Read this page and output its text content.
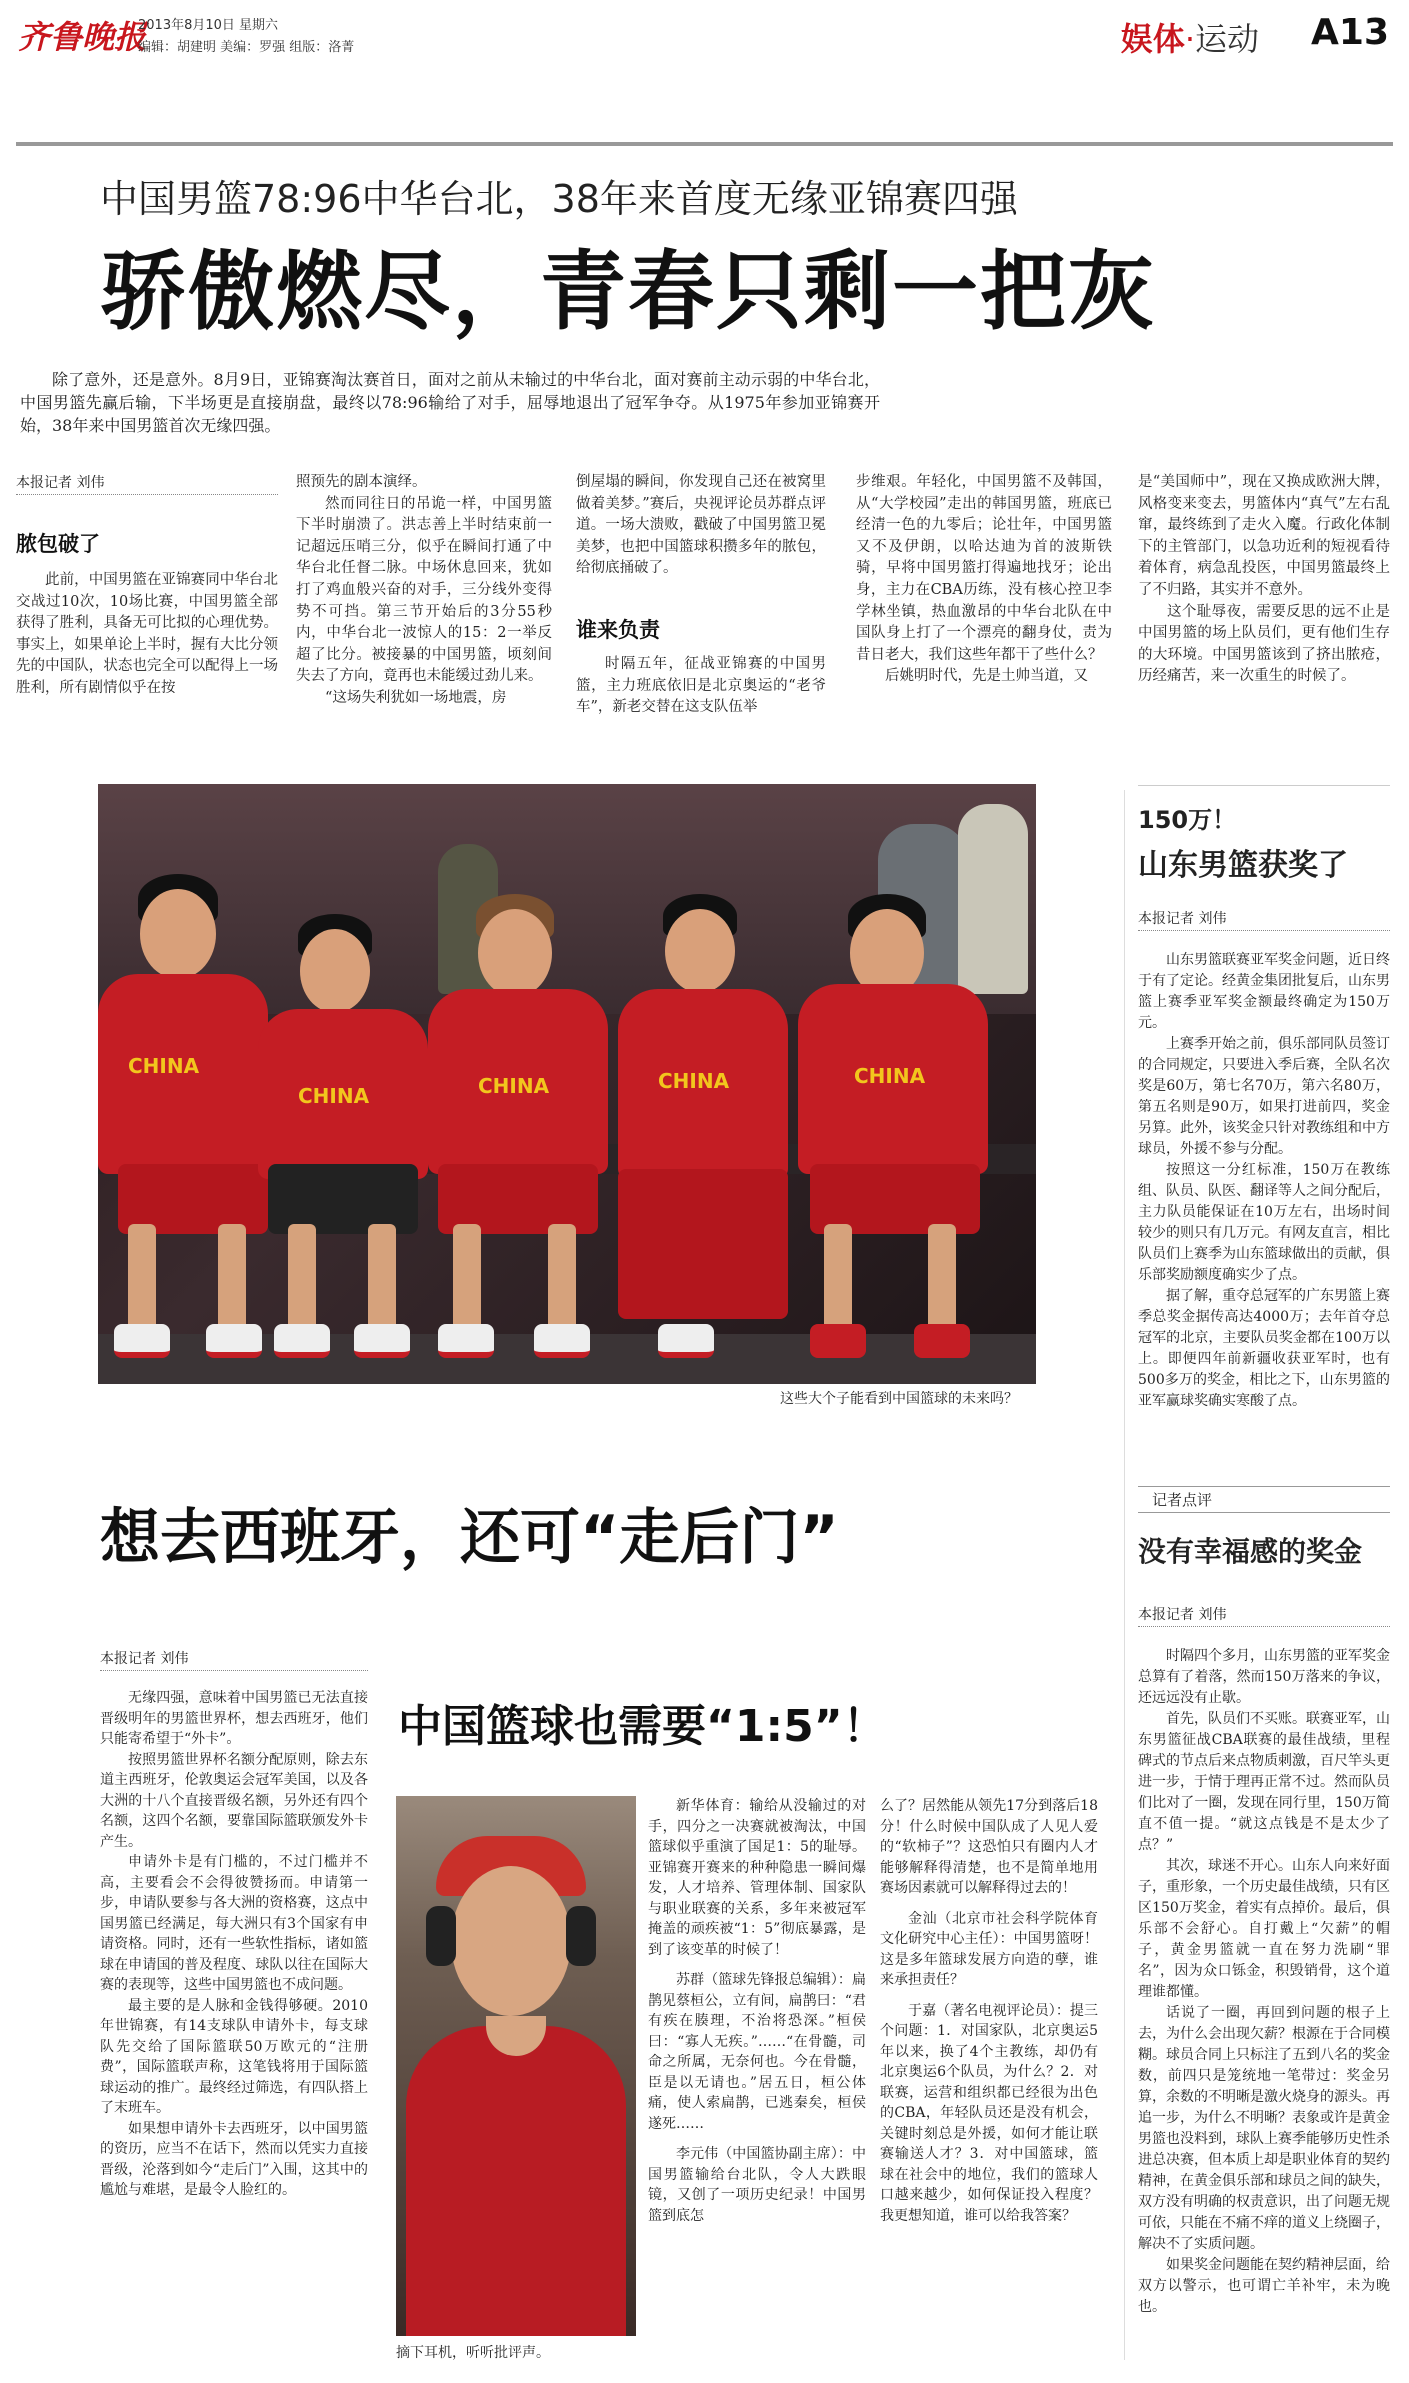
齐鲁晚报
2013年8月10日 星期六
编辑：胡建明 美编：罗强 组版：洛菁	娱体·运动 A13
中国男篮78:96中华台北，38年来首度无缘亚锦赛四强
骄傲燃尽，青春只剩一把灰

除了意外，还是意外。8月9日，亚锦赛淘汰赛首日，面对之前从未输过的中华台北，面对赛前主动示弱的中华台北，中国男篮先赢后输，下半场更是直接崩盘，最终以78:96输给了对手，屈辱地退出了冠军争夺。从1975年参加亚锦赛开始，38年来中国男篮首次无缘四强。

本报记者 刘伟
脓包破了

此前，中国男篮在亚锦赛同中华台北交战过10次，10场比赛，中国男篮全部获得了胜利，具备无可比拟的心理优势。事实上，如果单论上半时，握有大比分领先的中国队，状态也完全可以配得上一场胜利，所有剧情似乎在按

照预先的剧本演绎。

然而同往日的吊诡一样，中国男篮下半时崩溃了。洪志善上半时结束前一记超远压哨三分，似乎在瞬间打通了中华台北任督二脉。中场休息回来，犹如打了鸡血般兴奋的对手，三分线外变得势不可挡。第三节开始后的3分55秒内，中华台北一波惊人的15：2一举反超了比分。被接暴的中国男篮，顷刻间失去了方向，竟再也未能缓过劲儿来。

“这场失利犹如一场地震，房

倒屋塌的瞬间，你发现自己还在被窝里做着美梦。”赛后，央视评论员苏群点评道。一场大溃败，戳破了中国男篮卫冕美梦，也把中国篮球积攒多年的脓包，给彻底捅破了。

谁来负责

时隔五年，征战亚锦赛的中国男篮，主力班底依旧是北京奥运的“老爷车”，新老交替在这支队伍举

步维艰。年轻化，中国男篮不及韩国，从“大学校园”走出的韩国男篮，班底已经清一色的九零后；论壮年，中国男篮又不及伊朗，以哈达迪为首的波斯铁骑，早将中国男篮打得遍地找牙；论出身，主力在CBA历练，没有核心控卫李学林坐镇，热血激昂的中华台北队在中国队身上打了一个漂亮的翻身仗，责为昔日老大，我们这些年都干了些什么？

后姚明时代，先是土帅当道，又

是“美国师中”，现在又换成欧洲大牌，风格变来变去，男篮体内“真气”左右乱窜，最终练到了走火入魔。行政化体制下的主管部门，以急功近利的短视看待着体育，病急乱投医，中国男篮最终上了不归路，其实并不意外。

这个耻辱夜，需要反思的远不止是中国男篮的场上队员们，更有他们生存的大环境。中国男篮该到了挤出脓疮，历经痛苦，来一次重生的时候了。

CHINA
CHINA	CHINA	CHINA	CHINA
这些大个子能看到中国篮球的未来吗？
150万！
山东男篮获奖了
本报记者 刘伟

山东男篮联赛亚军奖金问题，近日终于有了定论。经黄金集团批复后，山东男篮上赛季亚军奖金额最终确定为150万元。

上赛季开始之前，俱乐部同队员签订的合同规定，只要进入季后赛，全队名次奖是60万，第七名70万，第六名80万，第五名则是90万，如果打进前四，奖金另算。此外，该奖金只针对教练组和中方球员，外援不参与分配。

按照这一分红标准，150万在教练组、队员、队医、翻译等人之间分配后，主力队员能保证在10万左右，出场时间较少的则只有几万元。有网友直言，相比队员们上赛季为山东篮球做出的贡献，俱乐部奖励额度确实少了点。

据了解，重夺总冠军的广东男篮上赛季总奖金据传高达4000万；去年首夺总冠军的北京，主要队员奖金都在100万以上。即便四年前新疆收获亚军时，也有500多万的奖金，相比之下，山东男篮的亚军赢球奖确实寒酸了点。

记者点评
没有幸福感的奖金
本报记者 刘伟

时隔四个多月，山东男篮的亚军奖金总算有了着落，然而150万落来的争议，还远远没有止歇。

首先，队员们不买账。联赛亚军，山东男篮征战CBA联赛的最佳战绩，里程碑式的节点后来点物质刺激，百尺竿头更进一步，于情于理再正常不过。然而队员们比对了一圈，发现在同行里，150万简直不值一提。“就这点钱是不是太少了点？”

其次，球迷不开心。山东人向来好面子，重形象，一个历史最佳战绩，只有区区150万奖金，着实有点掉价。最后，俱乐部不会舒心。自打戴上“欠薪”的帽子，黄金男篮就一直在努力洗刷“罪名”，因为众口铄金，积毁销骨，这个道理谁都懂。

话说了一圈，再回到问题的根子上去，为什么会出现欠薪？根源在于合同模糊。球员合同上只标注了五到八名的奖金数，前四只是笼统地一笔带过：奖金另算，余数的不明晰是激火烧身的源头。再追一步，为什么不明晰？表象或许是黄金男篮也没料到，球队上赛季能够历史性杀进总决赛，但本质上却是职业体育的契约精神，在黄金俱乐部和球员之间的缺失，双方没有明确的权责意识，出了问题无规可依，只能在不痛不痒的道义上绕圈子，解决不了实质问题。

如果奖金问题能在契约精神层面，给双方以警示，也可谓亡羊补牢，未为晚也。

想去西班牙，还可“走后门”
本报记者 刘伟

无缘四强，意味着中国男篮已无法直接晋级明年的男篮世界杯，想去西班牙，他们只能寄希望于“外卡”。

按照男篮世界杯名额分配原则，除去东道主西班牙，伦敦奥运会冠军美国，以及各大洲的十八个直接晋级名额，另外还有四个名额，这四个名额，要靠国际篮联颁发外卡产生。

申请外卡是有门槛的，不过门槛并不高，主要看会不会得彼赞扬而。申请第一步，申请队要参与各大洲的资格赛，这点中国男篮已经满足，每大洲只有3个国家有申请资格。同时，还有一些软性指标，诸如篮球在申请国的普及程度、球队以往在国际大赛的表现等，这些中国男篮也不成问题。

最主要的是人脉和金钱得够硬。2010年世锦赛，有14支球队申请外卡，每支球队先交给了国际篮联50万欧元的“注册费”，国际篮联声称，这笔钱将用于国际篮球运动的推广。最终经过筛选，有四队搭上了末班车。

如果想申请外卡去西班牙，以中国男篮的资历，应当不在话下，然而以凭实力直接晋级，沦落到如今“走后门”入围，这其中的尴尬与难堪，是最令人脸红的。

中国篮球也需要“1:5”！
摘下耳机，听听批评声。

新华体育：输给从没输过的对手，四分之一决赛就被淘汰，中国篮球似乎重演了国足1：5的耻辱。亚锦赛开赛来的种种隐患一瞬间爆发，人才培养、管理体制、国家队与职业联赛的关系，多年来被冠军掩盖的顽疾被“1：5”彻底暴露，是到了该变革的时候了！

苏群（篮球先锋报总编辑）：扁鹊见蔡桓公，立有间，扁鹊曰：“君有疾在腠理，不治将恐深。”桓侯曰：“寡人无疾。”……“在骨髓，司命之所属，无奈何也。今在骨髓，臣是以无请也。”居五日，桓公体痛，使人索扁鹊，已逃秦矣，桓侯遂死……

李元伟（中国篮协副主席）：中国男篮输给台北队，令人大跌眼镜，又创了一项历史纪录！中国男篮到底怎

么了？居然能从领先17分到落后18分！什么时候中国队成了人见人爱的“软柿子”？这恐怕只有圈内人才能够解释得清楚，也不是简单地用赛场因素就可以解释得过去的！

金汕（北京市社会科学院体育文化研究中心主任）：中国男篮呀！这是多年篮球发展方向造的孽，谁来承担责任？

于嘉（著名电视评论员）：提三个问题：1．对国家队，北京奥运5年以来，换了4个主教练，却仍有北京奥运6个队员，为什么？2．对联赛，运营和组织都已经很为出色的CBA，年轻队员还是没有机会，关键时刻总是外援，如何才能让联赛输送人才？3．对中国篮球，篮球在社会中的地位，我们的篮球人口越来越少，如何保证投入程度？我更想知道，谁可以给我答案？
